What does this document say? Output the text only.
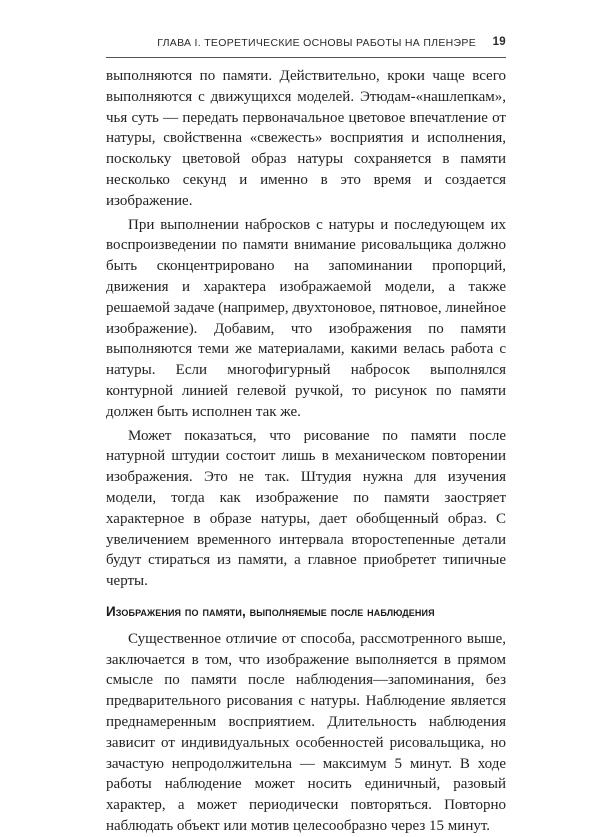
ГЛАВА I. ТЕОРЕТИЧЕСКИЕ ОСНОВЫ РАБОТЫ НА ПЛЕНЭРЕ 19

выполняются по памяти. Действительно, кроки чаще всего выполняются с движущихся моделей. Этюдам-«нашлепкам», чья суть — передать первоначальное цветовое впечатление от натуры, свойственна «свежесть» восприятия и исполнения, поскольку цветовой образ натуры сохраняется в памяти несколько секунд и именно в это время и создается изображение.

При выполнении набросков с натуры и последующем их воспроизведении по памяти внимание рисовальщика должно быть сконцентрировано на запоминании пропорций, движения и характера изображаемой модели, а также решаемой задаче (например, двухтоновое, пятновое, линейное изображение). Добавим, что изображения по памяти выполняются теми же материалами, какими велась работа с натуры. Если многофигурный набросок выполнялся контурной линией гелевой ручкой, то рисунок по памяти должен быть исполнен так же.

Может показаться, что рисование по памяти после натурной штудии состоит лишь в механическом повторении изображения. Это не так. Штудия нужна для изучения модели, тогда как изображение по памяти заостряет характерное в образе натуры, дает обобщенный образ. С увеличением временного интервала второстепенные детали будут стираться из памяти, а главное приобретет типичные черты.

Изображения по памяти, выполняемые после наблюдения

Существенное отличие от способа, рассмотренного выше, заключается в том, что изображение выполняется в прямом смысле по памяти после наблюдения—запоминания, без предварительного рисования с натуры. Наблюдение является преднамеренным восприятием. Длительность наблюдения зависит от индивидуальных особенностей рисовальщика, но зачастую непродолжительна — максимум 5 минут. В ходе работы наблюдение может носить единичный, разовый характер, а может периодически повторяться. Повторно наблюдать объект или мотив целесообразно через 15 минут.
